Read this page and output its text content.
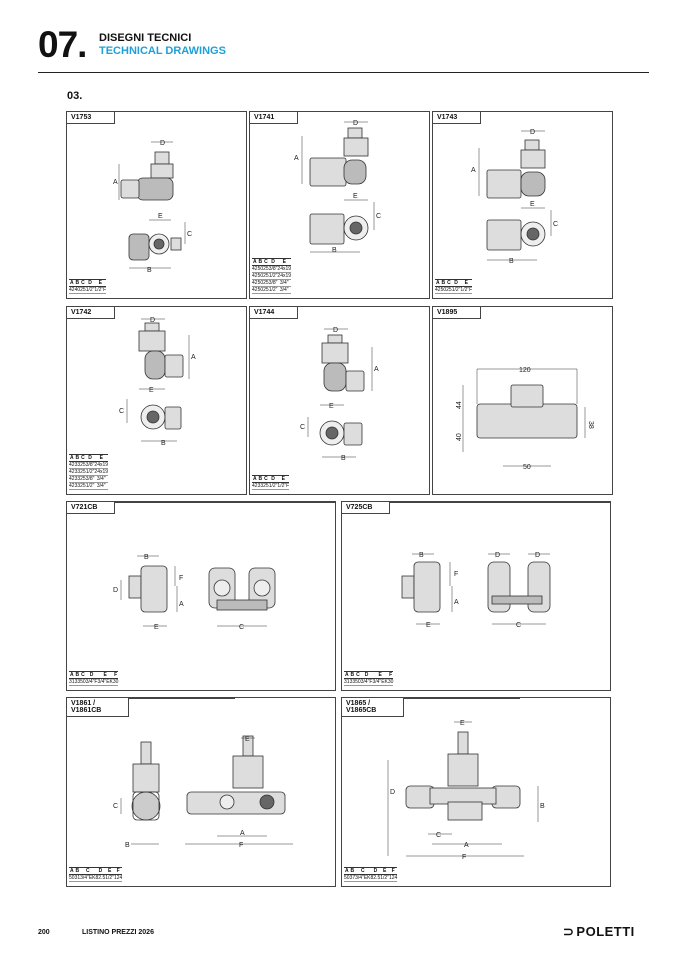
07. DISEGNI TECNICI
TECHNICAL DRAWINGS
03.
V1753
D
A
E
C
B
A	B	C	D	E
42	40	25	1/2"	1/2"F
V1741
D
A
E
C
B
A	B	C	D	E
42	50	25	3/8"	24x19
42	50	25	1/2"	24x19
42	50	25	3/8"	3/4"
42	50	25	1/2"	3/4"
V1743
D
A
E
C
B
A	B	C	D	E
42	50	25	1/2"	1/2"F
V1742
D
A
E
C
B
A	B	C	D	E
42	33	25	3/8"	24x19
42	33	25	1/2"	24x19
42	33	25	3/8"	3/4"
42	33	25	1/2"	3/4"
V1744
D
A
E
C
B
A	B	C	D	E
42	33	25	1/2"	1/2"F
V1895
120
44
40
38
50
V721CB
B
D
F
A
E	C
A	B	C	D	E	F
31	33	50	3/4"F	3/4"EK	30
V725CB
B	D	D
F
A
E	C
A	B	C	D	E	F
31	33	50	3/4"F	3/4"EK	30
V1861 / V1861CB
C
B
E
A
F
A	B	C	D	E	F
50	31	3/4"EK	82.5	1/2"	124
V1865 / V1865CB
E
D
B
C
A
F
A	B	C	D	E	F
50	37	3/4"EK	82.5	1/2"	124
200	LISTINO PREZZI 2026	⊃ POLETTI
